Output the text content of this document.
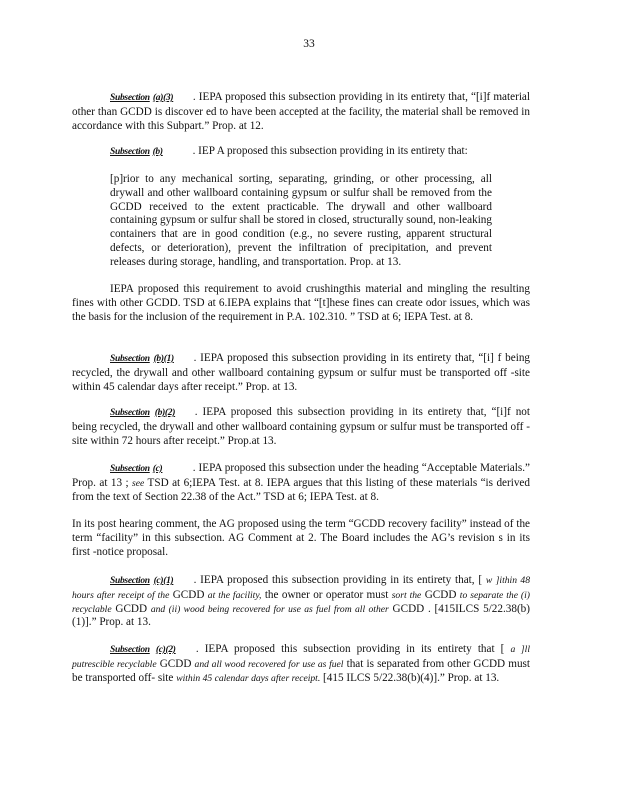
33
Subsection (a)(3) . IEPA proposed this subsection providing in its entirety that, “[i]f material other than GCDD is discover ed to have been accepted at the facility, the material shall be removed in accordance with this Subpart.” Prop. at 12.
Subsection (b)	. IEP A proposed this subsection providing in its entirety that:
[p]rior to any mechanical sorting, separating, grinding, or other processing, all drywall and other wallboard containing gypsum or sulfur shall be removed from the GCDD received to the extent practicable. The drywall and other wallboard containing gypsum or sulfur shall be stored in closed, structurally sound, non-leaking containers that are in good condition (e.g., no severe rusting, apparent structural defects, or deterioration), prevent the infiltration of precipitation, and prevent releases during storage, handling, and transportation. Prop. at 13.
IEPA proposed this requirement to avoid crushingthis material and mingling the resulting fines with other GCDD. TSD at 6.IEPA explains that “[t]hese fines can create odor issues, which was the basis for the inclusion of the requirement in P.A. 102.310. ” TSD at 6; IEPA Test. at 8.
Subsection (b)(1) . IEPA proposed this subsection providing in its entirety that, “[i] f being recycled, the drywall and other wallboard containing gypsum or sulfur must be transported off -site within 45 calendar days after receipt.” Prop. at 13.
Subsection (b)(2) . IEPA proposed this subsection providing in its entirety that, “[i]f not being recycled, the drywall and other wallboard containing gypsum or sulfur must be transported off -site within 72 hours after receipt.” Prop.at 13.
Subsection (c)	. IEPA proposed this subsection under the heading “Acceptable Materials.” Prop. at 13 ; see TSD at 6;IEPA Test. at 8. IEPA argues that this listing of these materials “is derived from the text of Section 22.38 of the Act.” TSD at 6; IEPA Test. at 8.
In its post hearing comment, the AG proposed using the term “GCDD recovery facility” instead of the term “facility” in this subsection. AG Comment at 2. The Board includes the AG’s revision s in its first -notice proposal.
Subsection (c)(1) . IEPA proposed this subsection providing in its entirety that, [ w ]ithin 48 hours after receipt of the GCDD at the facility, the owner or operator must sort the GCDD to separate the (i) recyclable GCDD and (ii) wood being recovered for use as fuel from all other GCDD . [415ILCS 5/22.38(b)(1)].” Prop. at 13.
Subsection (c)(2) . IEPA proposed this subsection providing in its entirety that [ a ]ll putrescible recyclable GCDD and all wood recovered for use as fuel that is separated from other GCDD must be transported off- site within 45 calendar days after receipt. [415 ILCS 5/22.38(b)(4)].” Prop. at 13.
